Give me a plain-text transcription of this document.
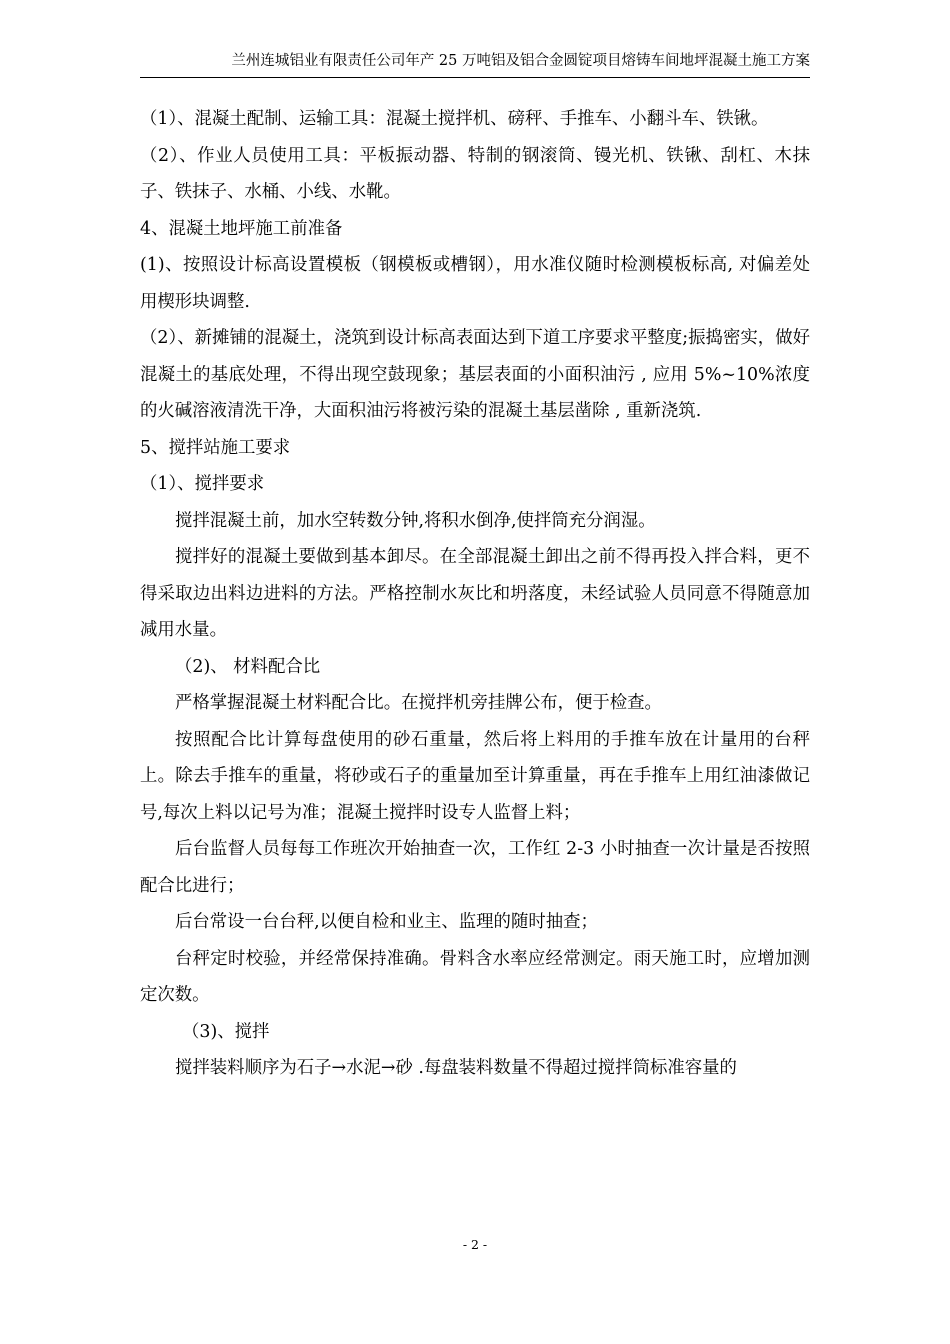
兰州连城铝业有限责任公司年产 25 万吨铝及铝合金圆锭项目熔铸车间地坪混凝土施工方案

（1）、混凝土配制、运输工具：混凝土搅拌机、磅秤、手推车、小翻斗车、铁锹。

（2）、作业人员使用工具：平板振动器、特制的钢滚筒、镘光机、铁锹、刮杠、木抹子、铁抹子、水桶、小线、水靴。

4、混凝土地坪施工前准备

(1)、按照设计标高设置模板（钢模板或槽钢），用水准仪随时检测模板标高, 对偏差处用楔形块调整.

（2）、新摊铺的混凝土，浇筑到设计标高表面达到下道工序要求平整度;振捣密实，做好混凝土的基底处理，不得出现空鼓现象；基层表面的小面积油污 , 应用 5%~10%浓度的火碱溶液清洗干净，大面积油污将被污染的混凝土基层凿除 , 重新浇筑.

5、搅拌站施工要求

（1）、搅拌要求

搅拌混凝土前，加水空转数分钟,将积水倒净,使拌筒充分润湿。

搅拌好的混凝土要做到基本卸尽。在全部混凝土卸出之前不得再投入拌合料，更不得采取边出料边进料的方法。严格控制水灰比和坍落度，未经试验人员同意不得随意加减用水量。

（2)、 材料配合比

严格掌握混凝土材料配合比。在搅拌机旁挂牌公布，便于检查。

按照配合比计算每盘使用的砂石重量，然后将上料用的手推车放在计量用的台秤上。除去手推车的重量，将砂或石子的重量加至计算重量，再在手推车上用红油漆做记号,每次上料以记号为准；混凝土搅拌时设专人监督上料；

后台监督人员每每工作班次开始抽查一次，工作红 2-3 小时抽查一次计量是否按照配合比进行；

后台常设一台台秤,以便自检和业主、监理的随时抽查；

台秤定时校验，并经常保持准确。骨料含水率应经常测定。雨天施工时，应增加测定次数。

（3)、搅拌

搅拌装料顺序为石子→水泥→砂 .每盘装料数量不得超过搅拌筒标准容量的

- 2 -
